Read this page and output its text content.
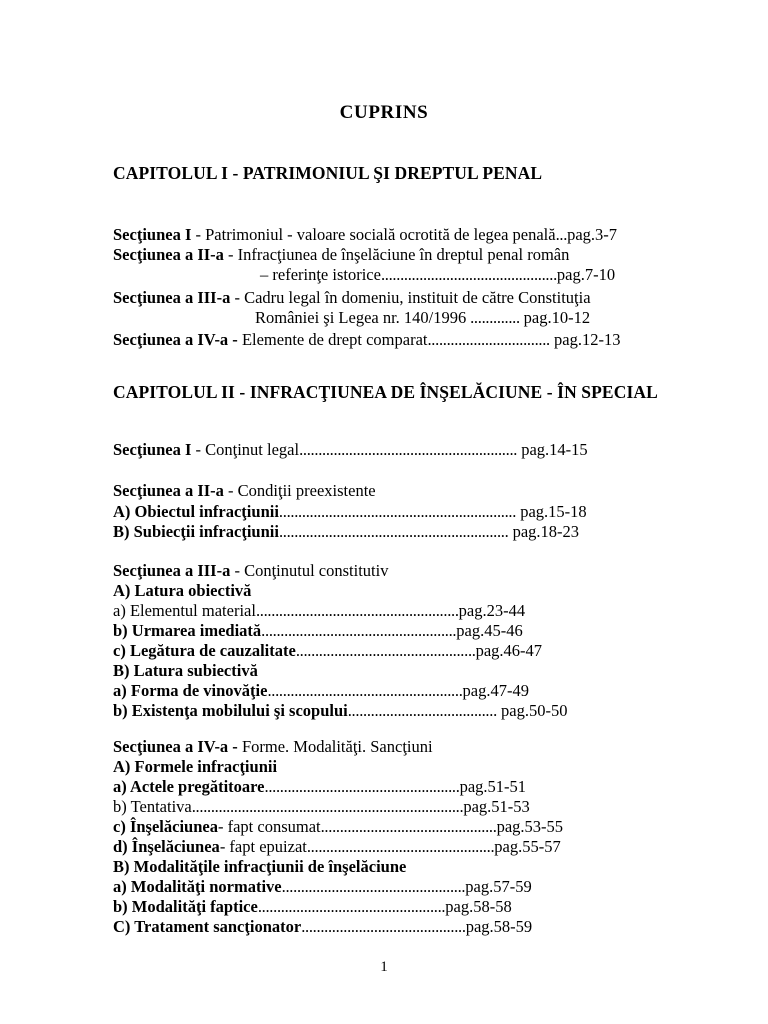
CUPRINS
CAPITOLUL I - PATRIMONIUL ŞI DREPTUL PENAL
Secţiunea I - Patrimoniul - valoare socială ocrotită de legea penală...pag.3-7
Secţiunea a II-a - Infracţiunea de înşelăciune în dreptul penal român
– referinţe istorice..............................................pag.7-10
Secţiunea a III-a - Cadru legal în domeniu, instituit de către Constituţia
României şi Legea nr. 140/1996 ............. pag.10-12
Secţiunea a IV-a - Elemente de drept comparat................................ pag.12-13
CAPITOLUL II - INFRACŢIUNEA DE ÎNŞELĂCIUNE - ÎN SPECIAL
Secţiunea I - Conţinut legal......................................................... pag.14-15
Secţiunea a II-a - Condiţii preexistente
A) Obiectul infracţiunii.............................................................. pag.15-18
B) Subiecţii infracţiunii............................................................ pag.18-23
Secţiunea a III-a - Conţinutul constitutiv
A) Latura obiectivă
a) Elementul material.....................................................pag.23-44
b) Urmarea imediată...................................................pag.45-46
c) Legătura de cauzalitate...............................................pag.46-47
B) Latura subiectivă
a) Forma de vinovăţie...................................................pag.47-49
b) Existenţa mobilului şi scopului....................................... pag.50-50
Secţiunea a IV-a - Forme. Modalităţi. Sancţiuni
A) Formele infracţiunii
a) Actele pregătitoare...................................................pag.51-51
b) Tentativa.......................................................................pag.51-53
c) Înşelăciunea- fapt consumat..............................................pag.53-55
d) Înşelăciunea- fapt epuizat.................................................pag.55-57
B) Modalităţile infracţiunii de înşelăciune
a) Modalităţi normative................................................pag.57-59
b) Modalităţi faptice.................................................pag.58-58
C) Tratament sancţionator...........................................pag.58-59
1
